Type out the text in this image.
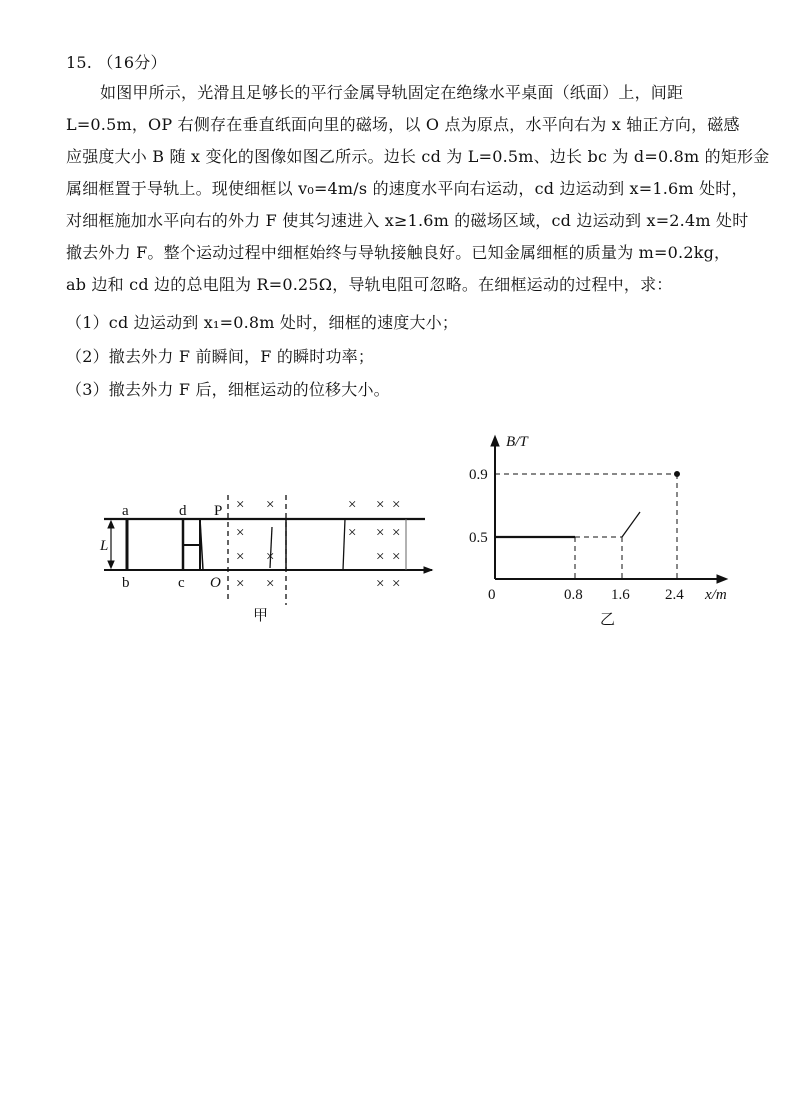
15. （16分）
如图甲所示，光滑且足够长的平行金属导轨固定在绝缘水平桌面（纸面）上，间距
L=0.5m，OP 右侧存在垂直纸面向里的磁场，以 O 点为原点，水平向右为 x 轴正方向，磁感
应强度大小 B 随 x 变化的图像如图乙所示。边长 cd 为 L=0.5m、边长 bc 为 d=0.8m 的矩形金
属细框置于导轨上。现使细框以 v₀=4m/s 的速度水平向右运动，cd 边运动到 x=1.6m 处时，
对细框施加水平向右的外力 F 使其匀速进入 x≥1.6m 的磁场区域，cd 边运动到 x=2.4m 处时
撤去外力 F。整个运动过程中细框始终与导轨接触良好。已知金属细框的质量为 m=0.2kg，
ab 边和 cd 边的总电阻为 R=0.25Ω，导轨电阻可忽略。在细框运动的过程中，求：
（1）cd 边运动到 x₁=0.8m 处时，细框的速度大小；
（2）撤去外力 F 前瞬间，F 的瞬时功率；
（3）撤去外力 F 后，细框运动的位移大小。
× ×	× × ×
×
× ×
× × ×
× ×
× ×	× ×
a	d P
b	c O
L
甲
B/T
0.9
0.5
0	0.8 1.6 2.4 x/m
乙
